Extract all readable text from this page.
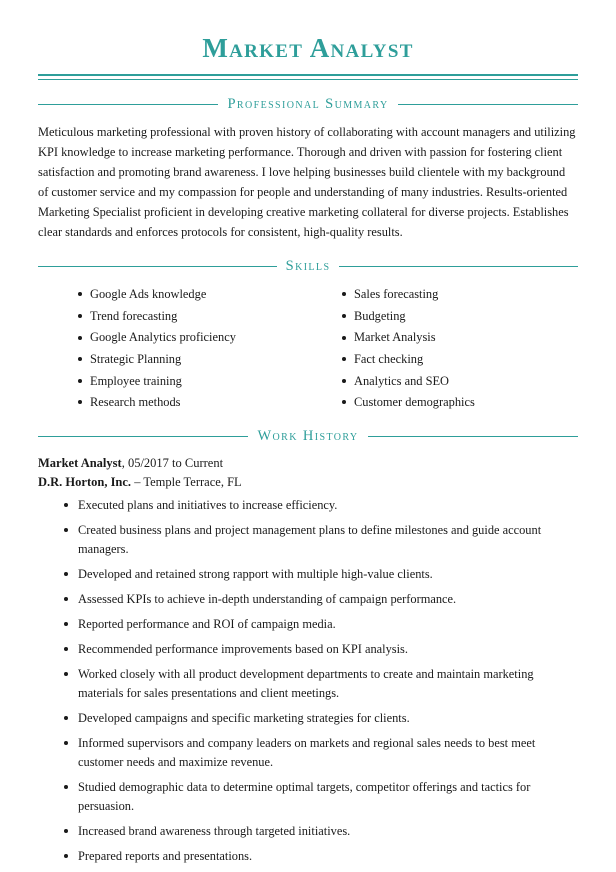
Market Analyst
Professional Summary

Meticulous marketing professional with proven history of collaborating with account managers and utilizing KPI knowledge to increase marketing performance. Thorough and driven with passion for fostering client satisfaction and promoting brand awareness. I love helping businesses build clientele with my background of customer service and my compassion for people and understanding of many industries. Results-oriented Marketing Specialist proficient in developing creative marketing collateral for diverse projects. Establishes clear standards and enforces protocols for consistent, high-quality results.

Skills
Google Ads knowledge
Trend forecasting
Google Analytics proficiency
Strategic Planning
Employee training
Research methods
Sales forecasting
Budgeting
Market Analysis
Fact checking
Analytics and SEO
Customer demographics
Work History
Market Analyst, 05/2017 to Current
D.R. Horton, Inc. – Temple Terrace, FL
Executed plans and initiatives to increase efficiency.
Created business plans and project management plans to define milestones and guide account managers.
Developed and retained strong rapport with multiple high-value clients.
Assessed KPIs to achieve in-depth understanding of campaign performance.
Reported performance and ROI of campaign media.
Recommended performance improvements based on KPI analysis.
Worked closely with all product development departments to create and maintain marketing materials for sales presentations and client meetings.
Developed campaigns and specific marketing strategies for clients.
Informed supervisors and company leaders on markets and regional sales needs to best meet customer needs and maximize revenue.
Studied demographic data to determine optimal targets, competitor offerings and tactics for persuasion.
Increased brand awareness through targeted initiatives.
Prepared reports and presentations.
